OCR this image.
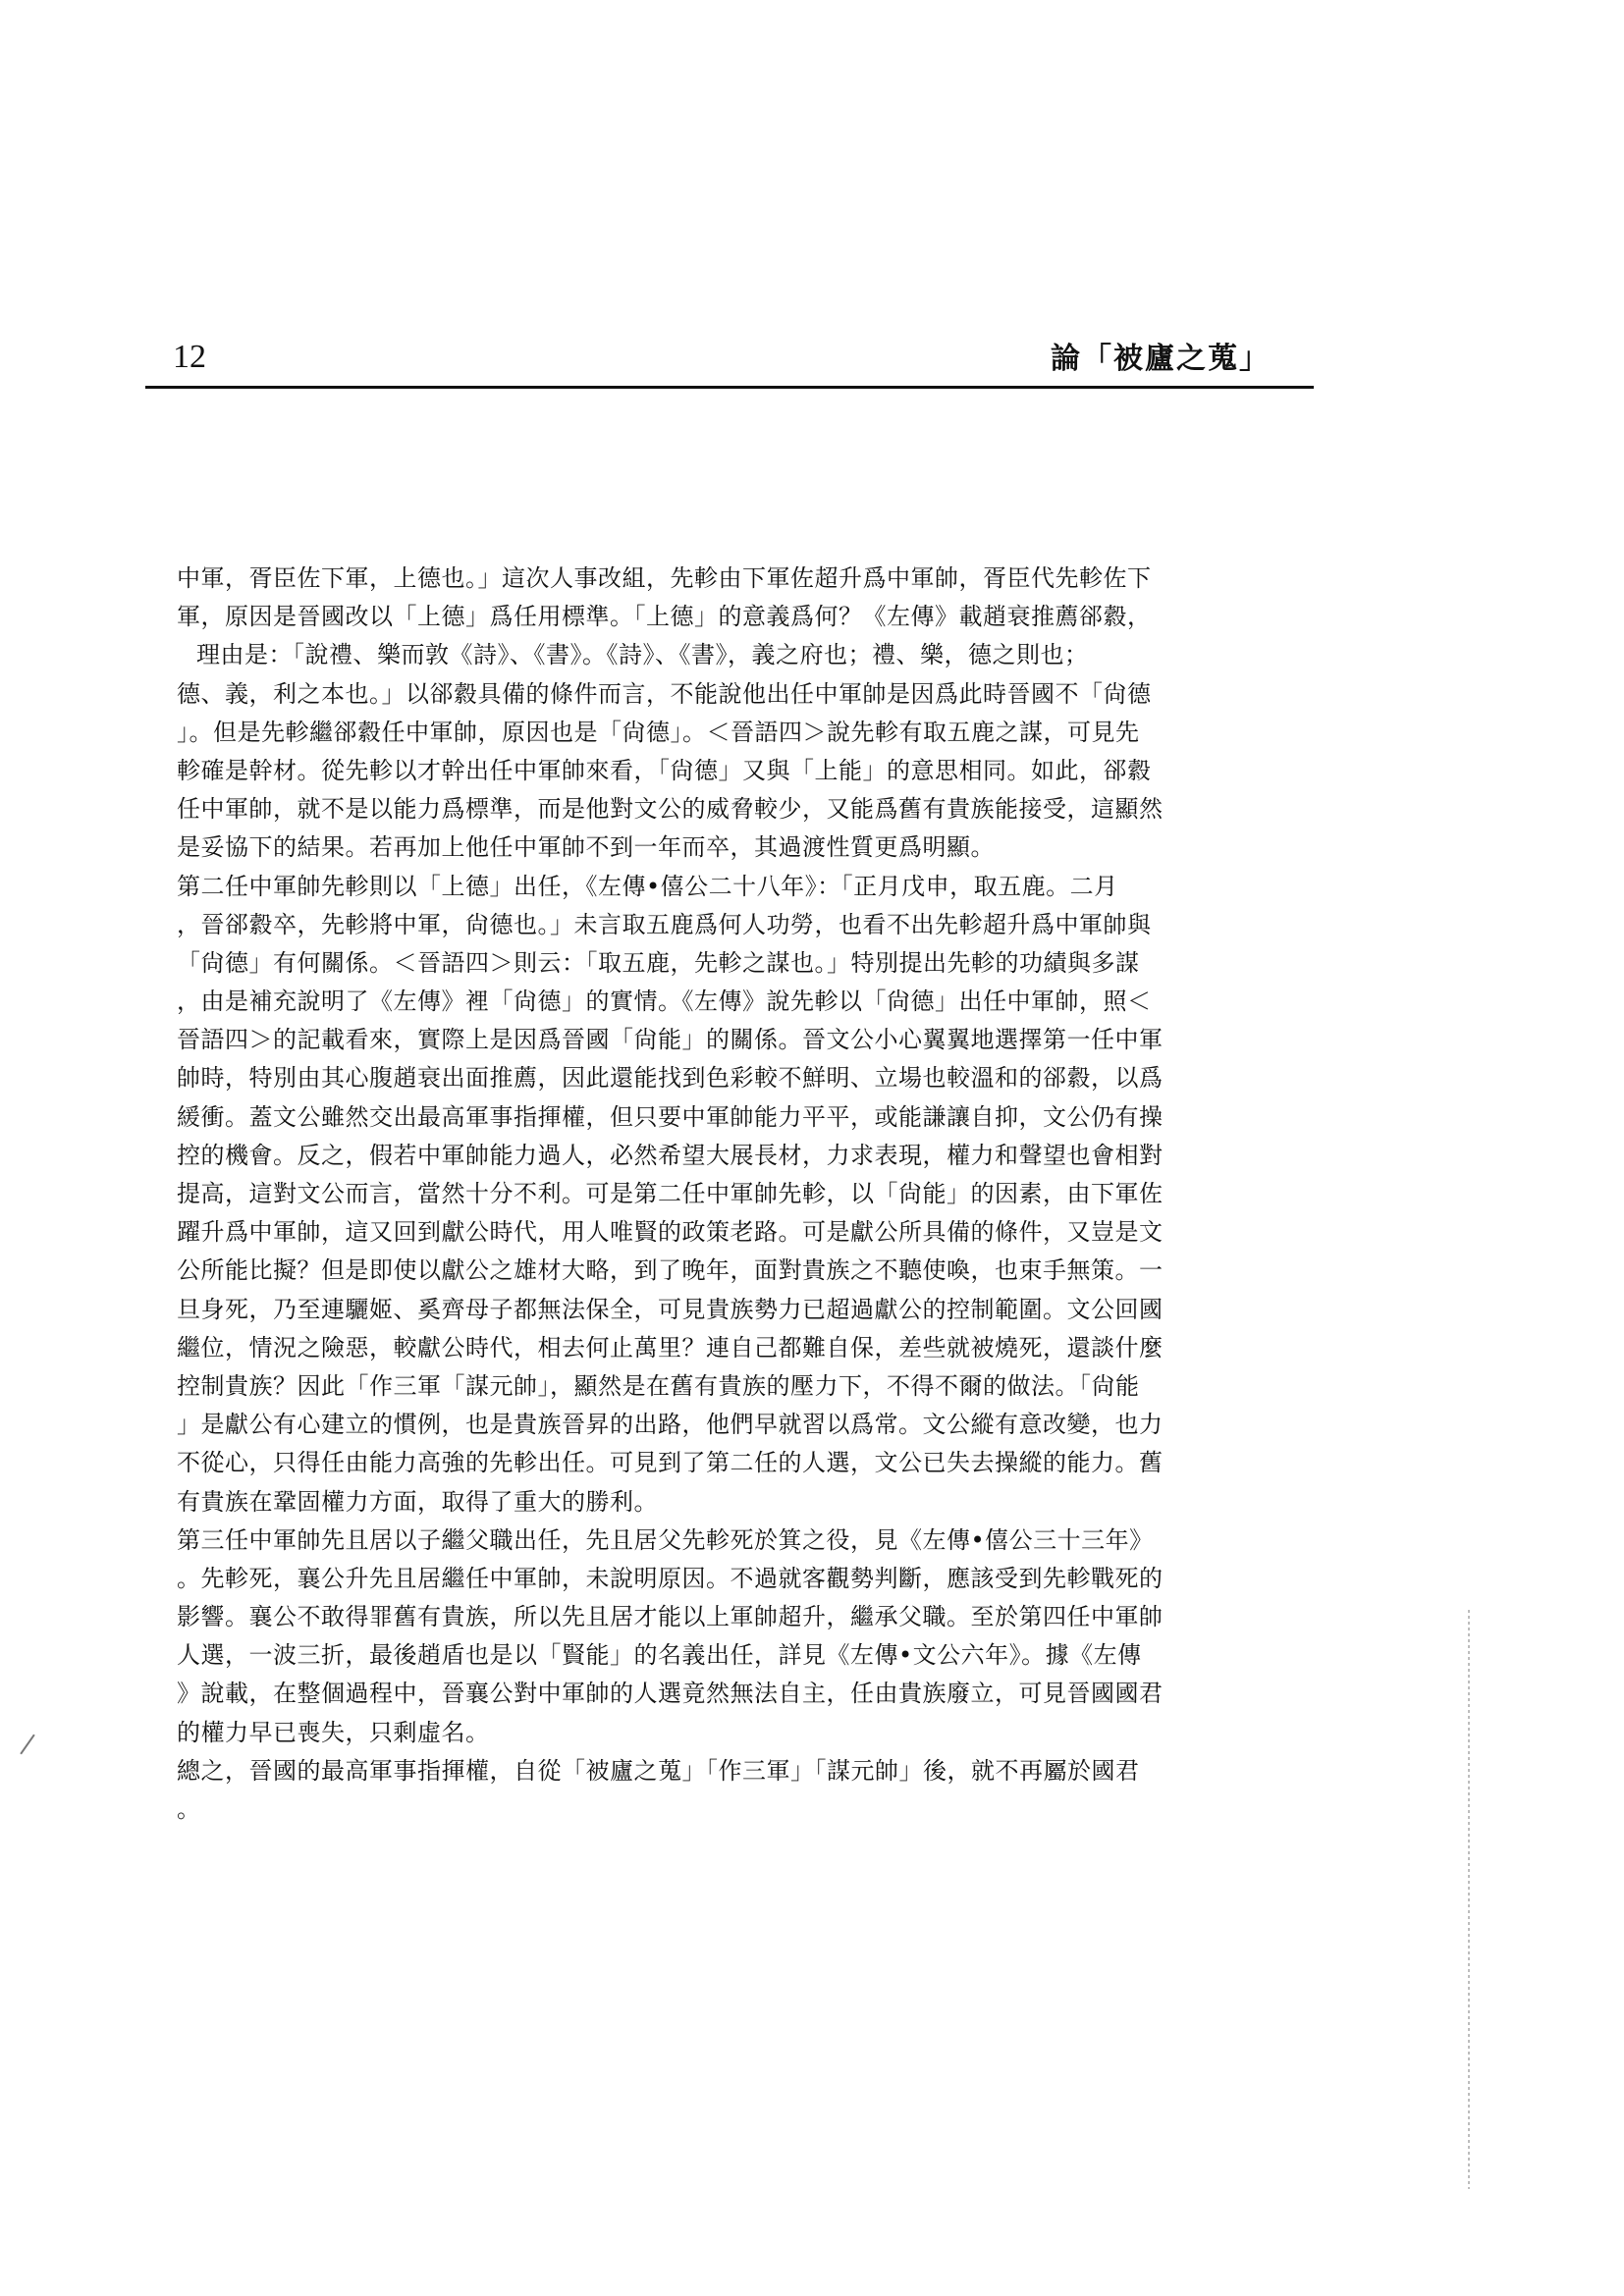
12	論「被廬之蒐」
中軍，胥臣佐下軍，上德也。」這次人事改組，先軫由下軍佐超升爲中軍帥，胥臣代先軫佐下
軍，原因是晉國改以「上德」爲任用標準。「上德」的意義爲何？《左傳》載趙衰推薦郤縠，
理由是：「說禮、樂而敦《詩》、《書》。《詩》、《書》，義之府也；禮、樂，德之則也；
德、義，利之本也。」以郤縠具備的條件而言，不能說他出任中軍帥是因爲此時晉國不「尙德
」。但是先軫繼郤縠任中軍帥，原因也是「尙德」。＜晉語四＞說先軫有取五鹿之謀，可見先
軫確是幹材。從先軫以才幹出任中軍帥來看，「尙德」又與「上能」的意思相同。如此，郤縠
任中軍帥，就不是以能力爲標準，而是他對文公的威脅較少，又能爲舊有貴族能接受，這顯然
是妥協下的結果。若再加上他任中軍帥不到一年而卒，其過渡性質更爲明顯。
第二任中軍帥先軫則以「上德」出任，《左傳•僖公二十八年》：「正月戊申，取五鹿。二月
，晉郤縠卒，先軫將中軍，尙德也。」未言取五鹿爲何人功勞，也看不出先軫超升爲中軍帥與
「尙德」有何關係。＜晉語四＞則云：「取五鹿，先軫之謀也。」特別提出先軫的功績與多謀
，由是補充說明了《左傳》裡「尙德」的實情。《左傳》說先軫以「尙德」出任中軍帥，照＜
晉語四＞的記載看來，實際上是因爲晉國「尙能」的關係。晉文公小心翼翼地選擇第一任中軍
帥時，特別由其心腹趙衰出面推薦，因此還能找到色彩較不鮮明、立場也較溫和的郤縠，以爲
緩衝。蓋文公雖然交出最高軍事指揮權，但只要中軍帥能力平平，或能謙讓自抑，文公仍有操
控的機會。反之，假若中軍帥能力過人，必然希望大展長材，力求表現，權力和聲望也會相對
提高，這對文公而言，當然十分不利。可是第二任中軍帥先軫，以「尙能」的因素，由下軍佐
躍升爲中軍帥，這又回到獻公時代，用人唯賢的政策老路。可是獻公所具備的條件，又豈是文
公所能比擬？但是即使以獻公之雄材大略，到了晚年，面對貴族之不聽使喚，也束手無策。一
旦身死，乃至連驪姬、奚齊母子都無法保全，可見貴族勢力已超過獻公的控制範圍。文公回國
繼位，情況之險惡，較獻公時代，相去何止萬里？連自己都難自保，差些就被燒死，還談什麼
控制貴族？因此「作三軍「謀元帥」，顯然是在舊有貴族的壓力下，不得不爾的做法。「尙能
」是獻公有心建立的慣例，也是貴族晉昇的出路，他們早就習以爲常。文公縱有意改變，也力
不從心，只得任由能力高強的先軫出任。可見到了第二任的人選，文公已失去操縱的能力。舊
有貴族在鞏固權力方面，取得了重大的勝利。
第三任中軍帥先且居以子繼父職出任，先且居父先軫死於箕之役，見《左傳•僖公三十三年》
。先軫死，襄公升先且居繼任中軍帥，未說明原因。不過就客觀勢判斷，應該受到先軫戰死的
影響。襄公不敢得罪舊有貴族，所以先且居才能以上軍帥超升，繼承父職。至於第四任中軍帥
人選，一波三折，最後趙盾也是以「賢能」的名義出任，詳見《左傳•文公六年》。據《左傳
》說載，在整個過程中，晉襄公對中軍帥的人選竟然無法自主，任由貴族廢立，可見晉國國君
的權力早已喪失，只剩虛名。
總之，晉國的最高軍事指揮權，自從「被廬之蒐」「作三軍」「謀元帥」後，就不再屬於國君
。
